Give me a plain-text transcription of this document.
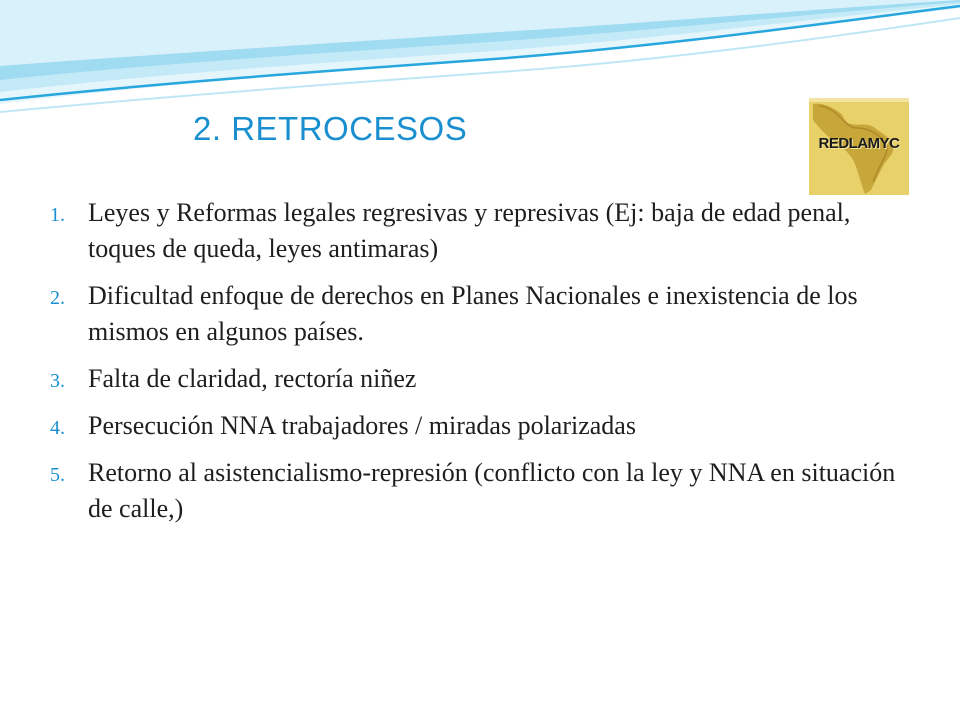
2. RETROCESOS	REDLAMYC
1. Leyes y Reformas legales regresivas y represivas (Ej: baja de edad penal, toques de queda, leyes antimaras)
2. Dificultad enfoque de derechos en Planes Nacionales e inexistencia de los mismos en algunos países.
3. Falta de claridad, rectoría niñez
4. Persecución NNA trabajadores / miradas polarizadas
5. Retorno al asistencialismo-represión (conflicto con la ley y NNA en situación de calle,)
